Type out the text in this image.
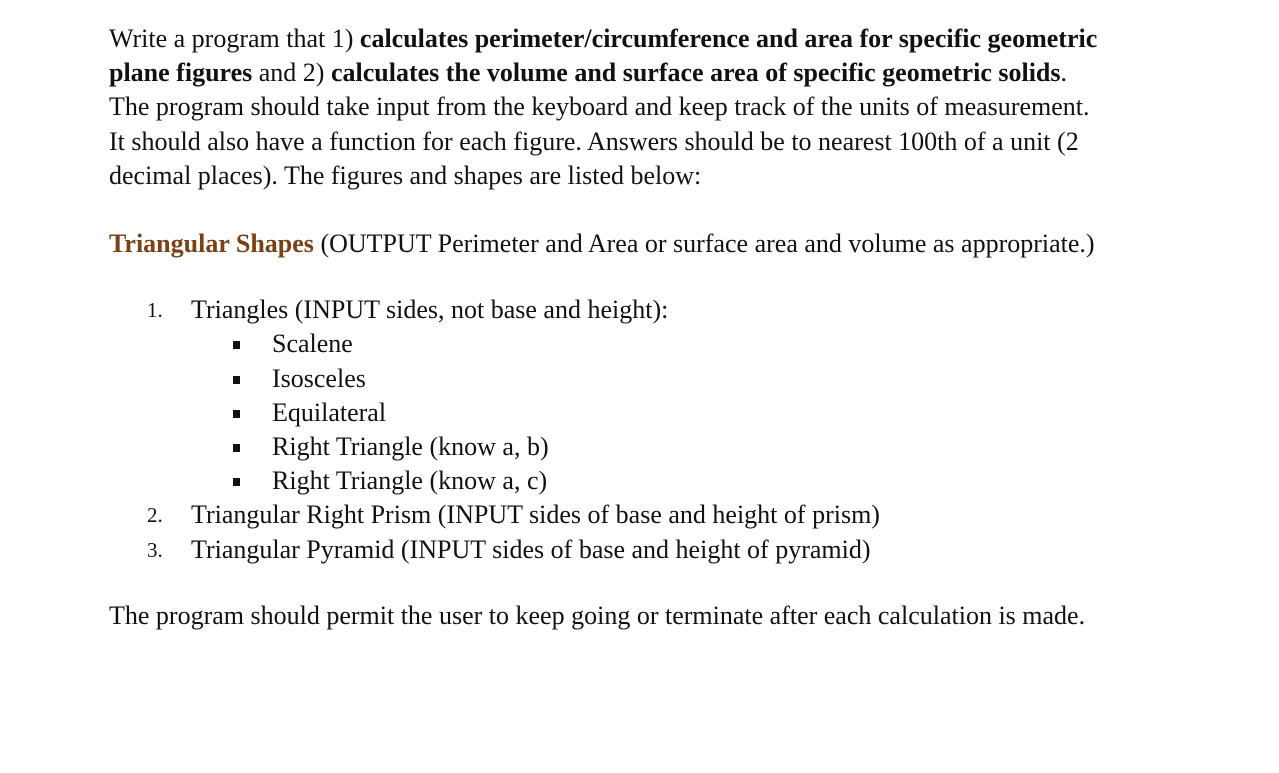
Write a program that 1) calculates perimeter/circumference and area for specific geometric plane figures and 2) calculates the volume and surface area of specific geometric solids. The program should take input from the keyboard and keep track of the units of measurement. It should also have a function for each figure. Answers should be to nearest 100th of a unit (2 decimal places). The figures and shapes are listed below:

Triangular Shapes (OUTPUT Perimeter and Area or surface area and volume as appropriate.)

1. Triangles (INPUT sides, not base and height):
Scalene
Isosceles
Equilateral
Right Triangle (know a, b)
Right Triangle (know a, c)
2. Triangular Right Prism (INPUT sides of base and height of prism)
3. Triangular Pyramid (INPUT sides of base and height of pyramid)

The program should permit the user to keep going or terminate after each calculation is made.
